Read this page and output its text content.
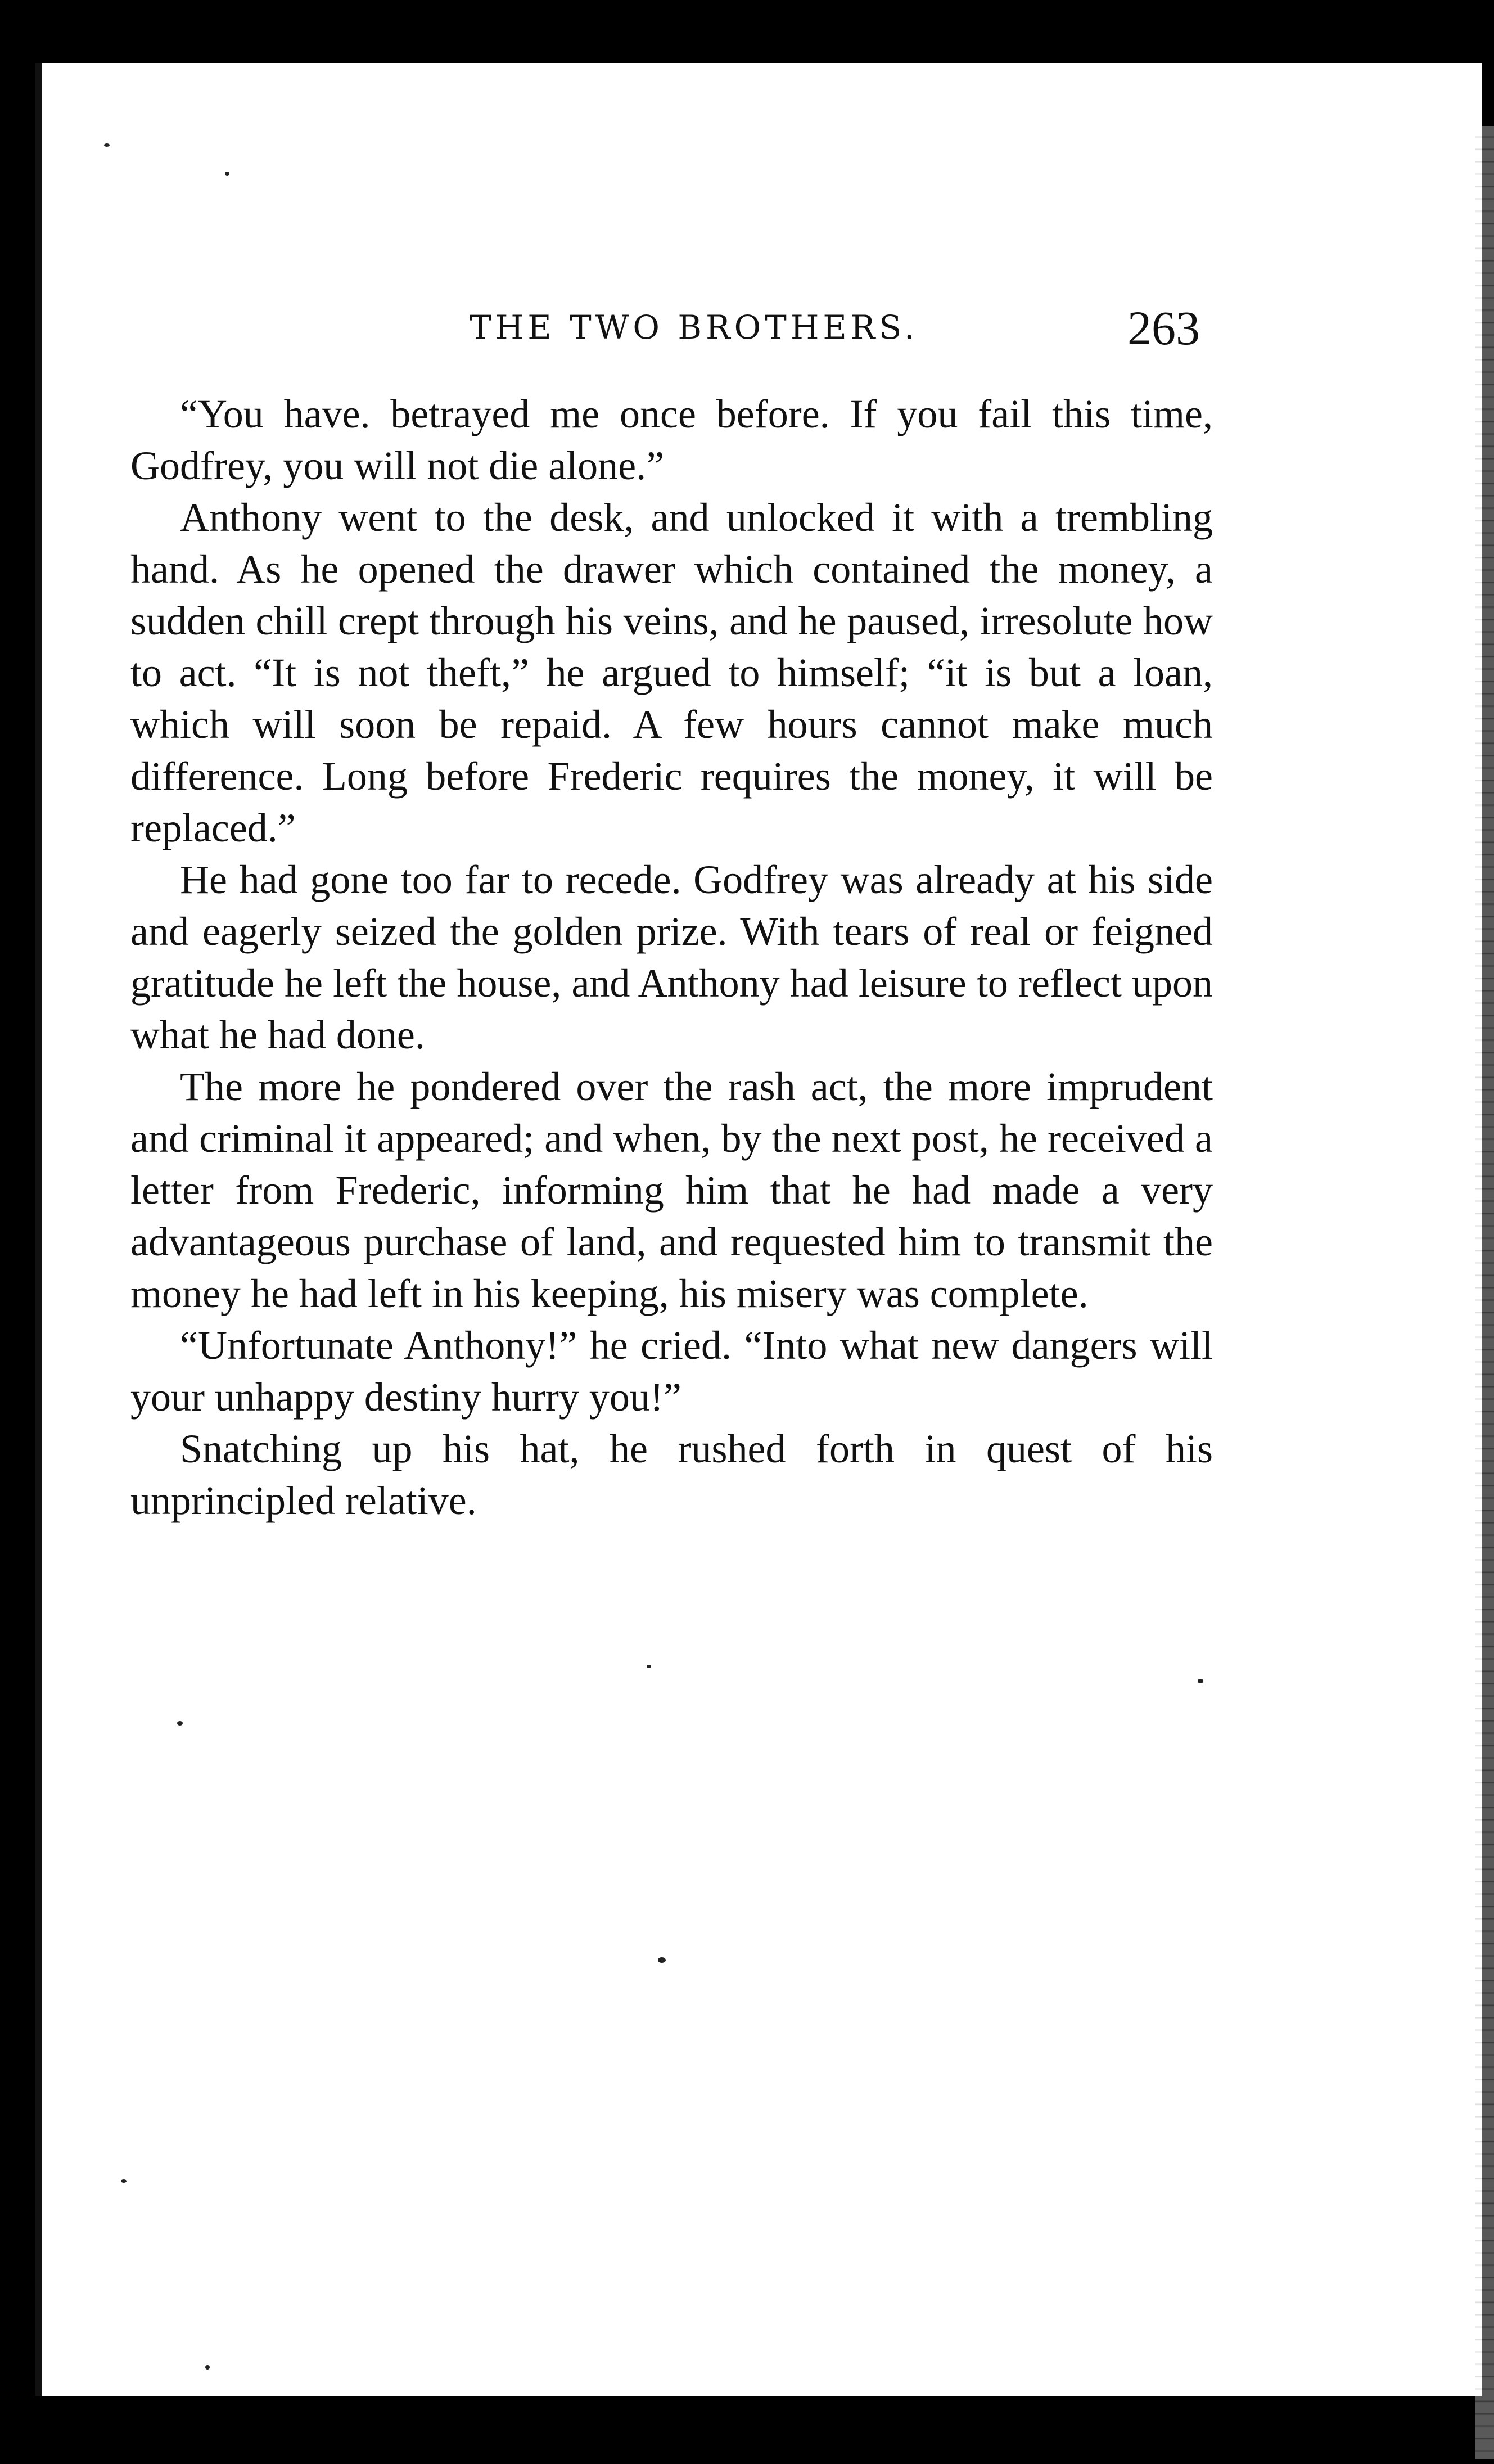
THE TWO BROTHERS.	263

“You have. betrayed me once before. If you fail this time, Godfrey, you will not die alone.”

Anthony went to the desk, and unlocked it with a trembling hand. As he opened the drawer which contained the money, a sudden chill crept through his veins, and he paused, irresolute how to act. “It is not theft,” he argued to himself; “it is but a loan, which will soon be repaid. A few hours cannot make much difference. Long before Frederic requires the money, it will be replaced.”

He had gone too far to recede. Godfrey was already at his side and eagerly seized the golden prize. With tears of real or feigned gratitude he left the house, and Anthony had leisure to reflect upon what he had done.

The more he pondered over the rash act, the more imprudent and criminal it appeared; and when, by the next post, he received a letter from Frederic, informing him that he had made a very advantageous purchase of land, and requested him to transmit the money he had left in his keeping, his misery was complete.

“Unfortunate Anthony!” he cried. “Into what new dangers will your unhappy destiny hurry you!”

Snatching up his hat, he rushed forth in quest of his unprincipled relative.
